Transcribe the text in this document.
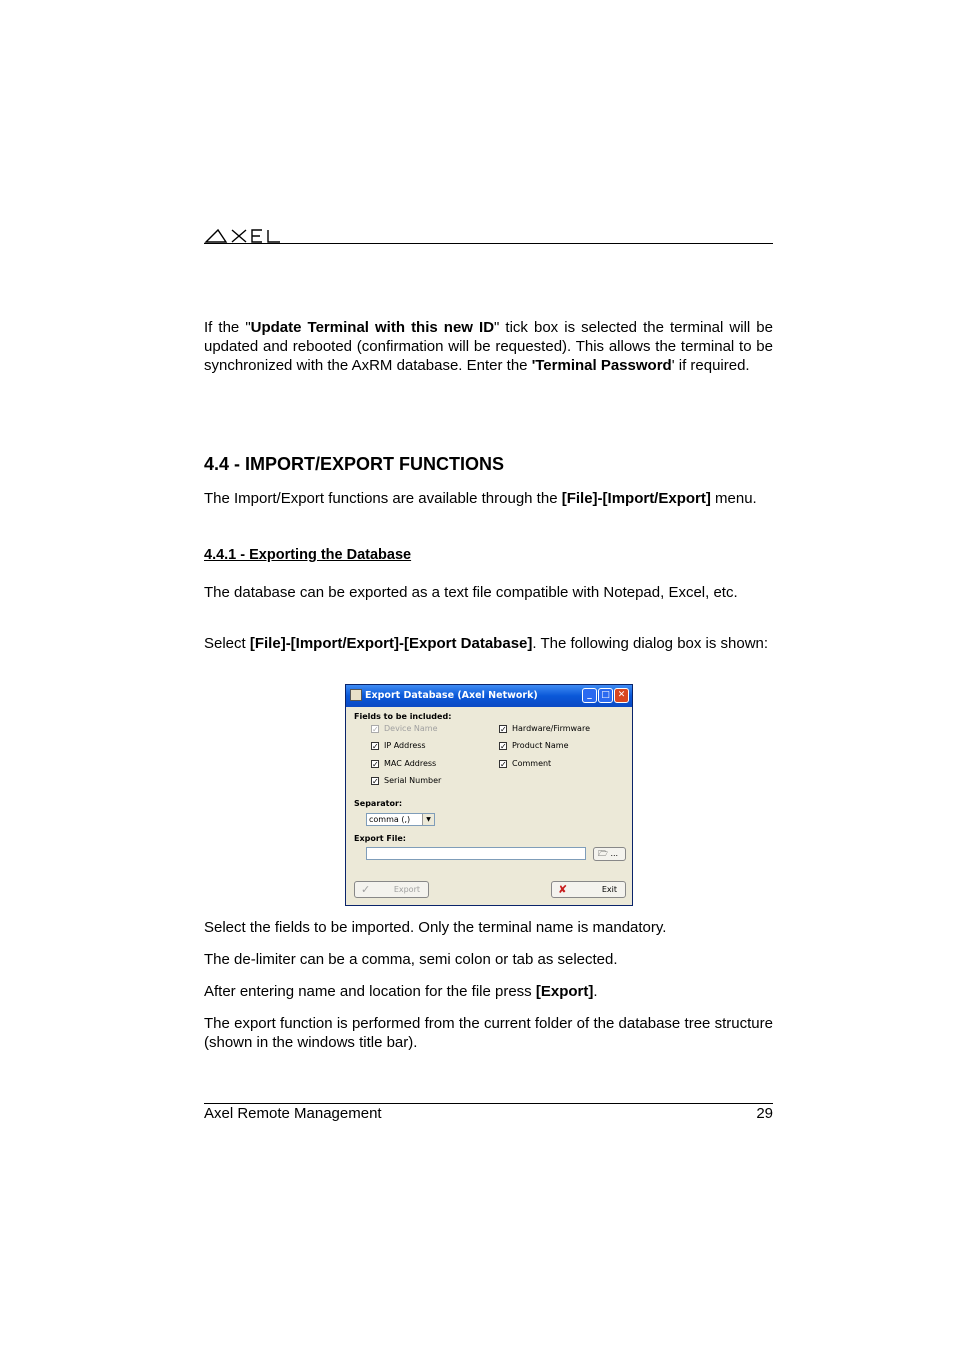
If the "Update Terminal with this new ID" tick box is selected the terminal will be updated and rebooted (confirmation will be requested). This allows the terminal to be synchronized with the AxRM database. Enter the 'Terminal Password' if required.
4.4 - IMPORT/EXPORT FUNCTIONS
The Import/Export functions are available through the [File]-[Import/Export] menu.
4.4.1 - Exporting the Database
The database can be exported as a text file compatible with Notepad, Excel, etc.
Select [File]-[Import/Export]-[Export Database]. The following dialog box is shown:
Export Database (Axel Network)	_	□ ✕
Fields to be included:
✓ Device Name
✓ IP Address
✓ MAC Address
✓ Serial Number
✓ Hardware/Firmware
✓ Product Name
✓ Comment
Separator:
comma (,)	▼
Export File:
🗁 ...
✓	Export	✘	Exit
Select the fields to be imported. Only the terminal name is mandatory.
The de-limiter can be a comma, semi colon or tab as selected.
After entering name and location for the file press [Export].
The export function is performed from the current folder of the database tree structure (shown in the windows title bar).
Axel Remote Management	29
